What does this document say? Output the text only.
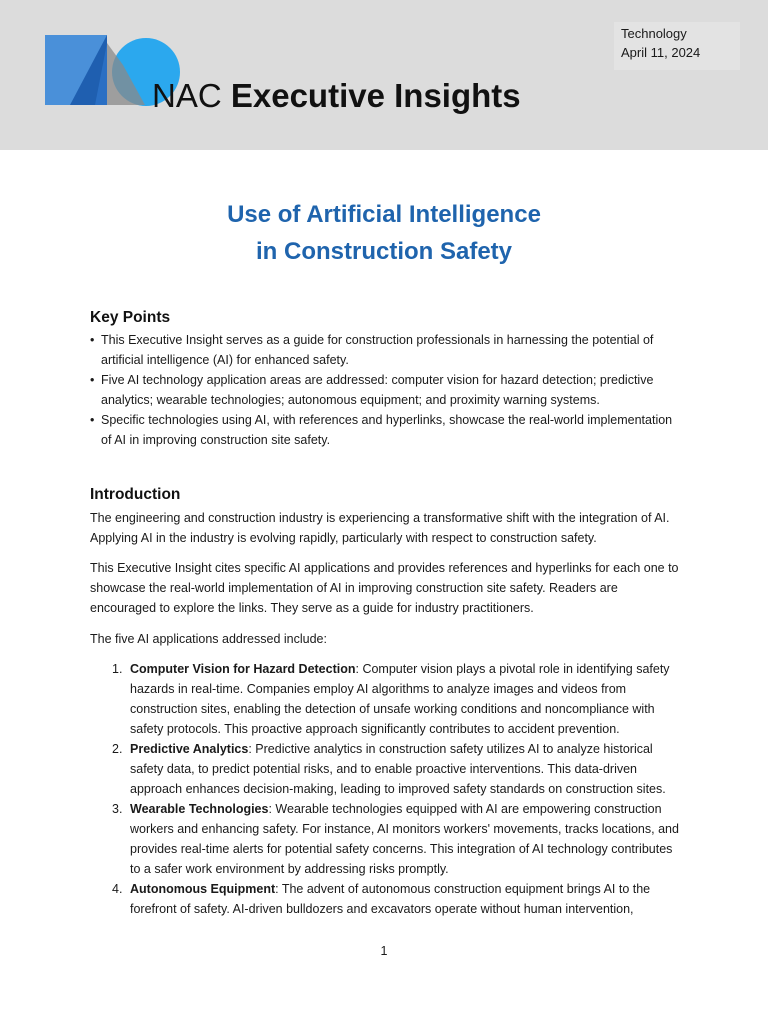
NAC Executive Insights
Technology
April 11, 2024
Use of Artificial Intelligence
in Construction Safety
Key Points
• This Executive Insight serves as a guide for construction professionals in harnessing the potential of artificial intelligence (AI) for enhanced safety.
• Five AI technology application areas are addressed: computer vision for hazard detection; predictive analytics; wearable technologies; autonomous equipment; and proximity warning systems.
• Specific technologies using AI, with references and hyperlinks, showcase the real-world implementation of AI in improving construction site safety.
Introduction

The engineering and construction industry is experiencing a transformative shift with the integration of AI. Applying AI in the industry is evolving rapidly, particularly with respect to construction safety.

This Executive Insight cites specific AI applications and provides references and hyperlinks for each one to showcase the real-world implementation of AI in improving construction site safety. Readers are encouraged to explore the links. They serve as a guide for industry practitioners.

The five AI applications addressed include:

1. Computer Vision for Hazard Detection: Computer vision plays a pivotal role in identifying safety hazards in real-time. Companies employ AI algorithms to analyze images and videos from construction sites, enabling the detection of unsafe working conditions and noncompliance with safety protocols. This proactive approach significantly contributes to accident prevention.
2. Predictive Analytics: Predictive analytics in construction safety utilizes AI to analyze historical safety data, to predict potential risks, and to enable proactive interventions. This data-driven approach enhances decision-making, leading to improved safety standards on construction sites.
3. Wearable Technologies: Wearable technologies equipped with AI are empowering construction workers and enhancing safety. For instance, AI monitors workers' movements, tracks locations, and provides real-time alerts for potential safety concerns. This integration of AI technology contributes to a safer work environment by addressing risks promptly.
4. Autonomous Equipment: The advent of autonomous construction equipment brings AI to the forefront of safety. AI-driven bulldozers and excavators operate without human intervention,
1
